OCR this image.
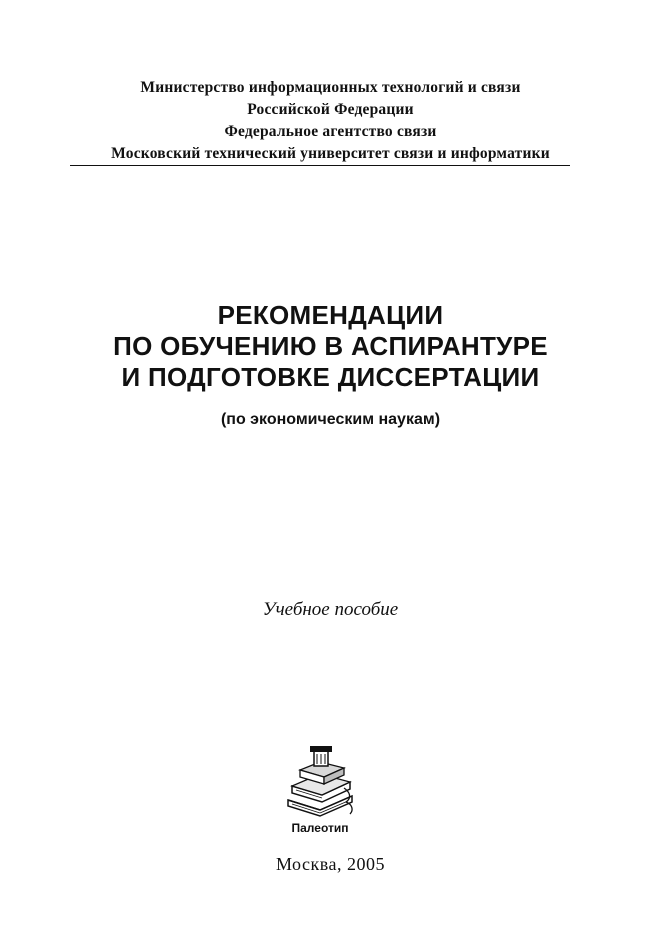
Министерство информационных технологий и связи
Российской Федерации
Федеральное агентство связи
Московский технический университет связи и информатики
РЕКОМЕНДАЦИИ
ПО ОБУЧЕНИЮ В АСПИРАНТУРЕ
И ПОДГОТОВКЕ ДИССЕРТАЦИИ
(по экономическим наукам)
Учебное пособие
Палеотип
Москва, 2005
